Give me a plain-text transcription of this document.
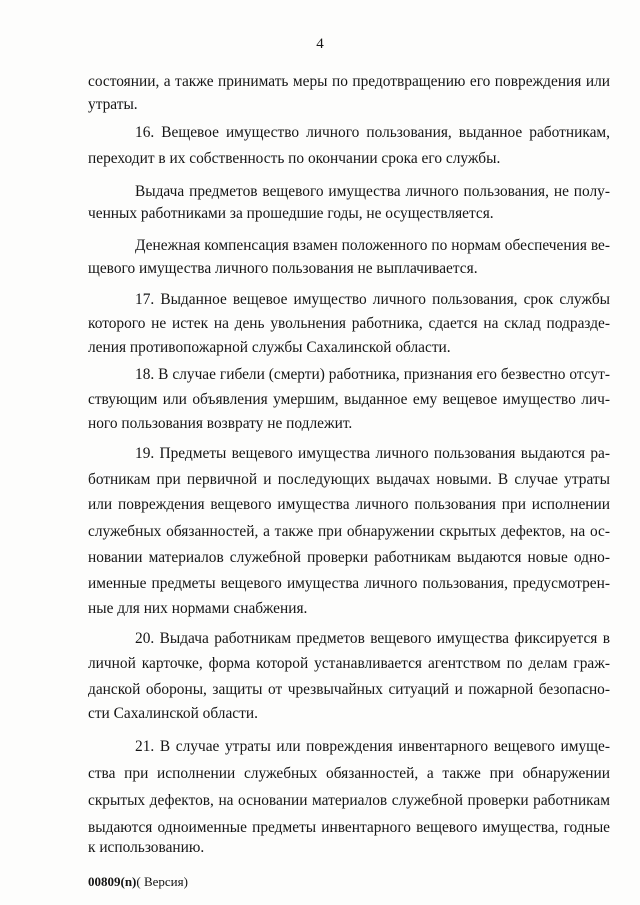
4
состоянии, а также принимать меры по предотвращению его повреждения или
утраты.
16. Вещевое имущество личного пользования, выданное работникам,
переходит в их собственность по окончании срока его службы.
Выдача предметов вещевого имущества личного пользования, не полу-
ченных работниками за прошедшие годы, не осуществляется.
Денежная компенсация взамен положенного по нормам обеспечения ве-
щевого имущества личного пользования не выплачивается.
17. Выданное вещевое имущество личного пользования, срок службы
которого не истек на день увольнения работника, сдается на склад подразде-
ления противопожарной службы Сахалинской области.
18. В случае гибели (смерти) работника, признания его безвестно отсут-
ствующим или объявления умершим, выданное ему вещевое имущество лич-
ного пользования возврату не подлежит.
19. Предметы вещевого имущества личного пользования выдаются ра-
ботникам при первичной и последующих выдачах новыми. В случае утраты
или повреждения вещевого имущества личного пользования при исполнении
служебных обязанностей, а также при обнаружении скрытых дефектов, на ос-
новании материалов служебной проверки работникам выдаются новые одно-
именные предметы вещевого имущества личного пользования, предусмотрен-
ные для них нормами снабжения.
20. Выдача работникам предметов вещевого имущества фиксируется в
личной карточке, форма которой устанавливается агентством по делам граж-
данской обороны, защиты от чрезвычайных ситуаций и пожарной безопасно-
сти Сахалинской области.
21. В случае утраты или повреждения инвентарного вещевого имуще-
ства при исполнении служебных обязанностей, а также при обнаружении
скрытых дефектов, на основании материалов служебной проверки работникам
выдаются одноименные предметы инвентарного вещевого имущества, годные
к использованию.
00809(n)( Версия)
